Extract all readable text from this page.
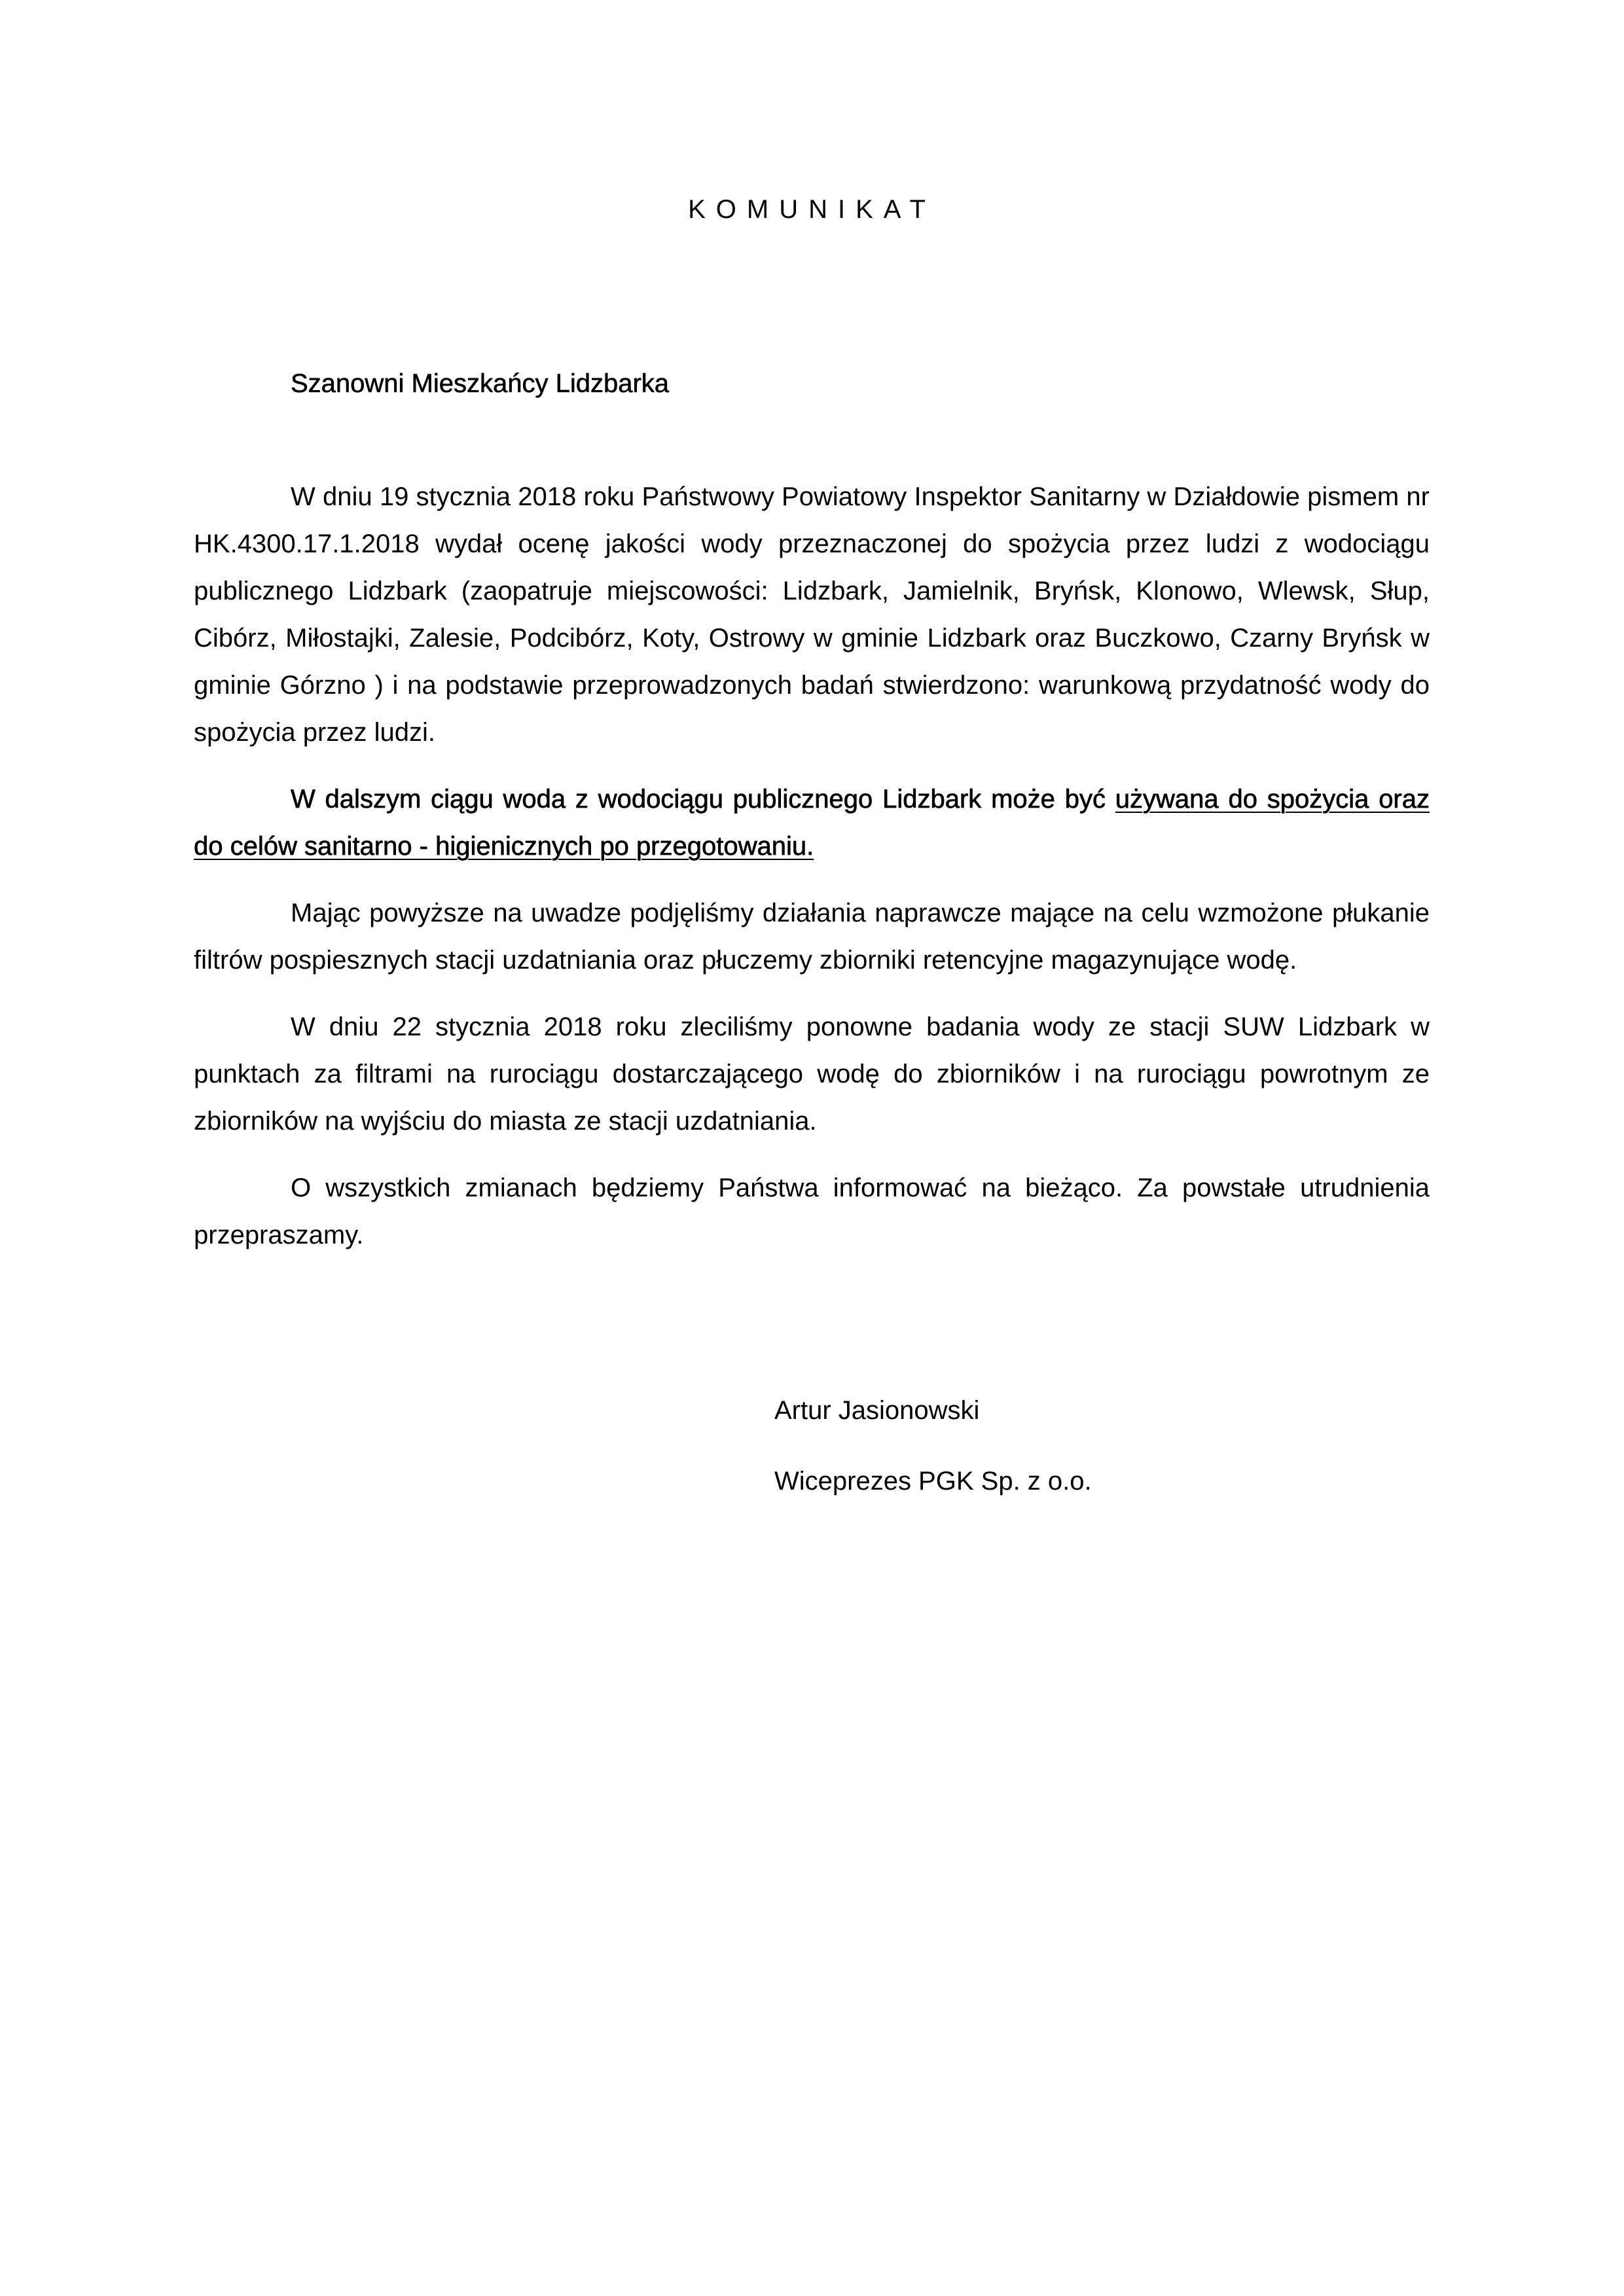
KOMUNIKAT
Szanowni Mieszkańcy Lidzbarka

W dniu 19 stycznia 2018 roku Państwowy Powiatowy Inspektor Sanitarny w Działdowie pismem nr HK.4300.17.1.2018 wydał ocenę jakości wody przeznaczonej do spożycia przez ludzi z wodociągu publicznego Lidzbark (zaopatruje miejscowości: Lidzbark, Jamielnik, Bryńsk, Klonowo, Wlewsk, Słup, Cibórz, Miłostajki, Zalesie, Podcibórz, Koty, Ostrowy w gminie Lidzbark oraz Buczkowo, Czarny Bryńsk w gminie Górzno ) i na podstawie przeprowadzonych badań stwierdzono: warunkową przydatność wody do spożycia przez ludzi.

W dalszym ciągu woda z wodociągu publicznego Lidzbark może być używana do spożycia oraz do celów sanitarno - higienicznych po przegotowaniu.

Mając powyższe na uwadze podjęliśmy działania naprawcze mające na celu wzmożone płukanie filtrów pospiesznych stacji uzdatniania oraz płuczemy zbiorniki retencyjne magazynujące wodę.

W dniu 22 stycznia 2018 roku zleciliśmy ponowne badania wody ze stacji SUW Lidzbark w punktach za filtrami na rurociągu dostarczającego wodę do zbiorników i na rurociągu powrotnym ze zbiorników na wyjściu do miasta ze stacji uzdatniania.

O wszystkich zmianach będziemy Państwa informować na bieżąco. Za powstałe utrudnienia przepraszamy.

Artur Jasionowski
Wiceprezes PGK Sp. z o.o.
